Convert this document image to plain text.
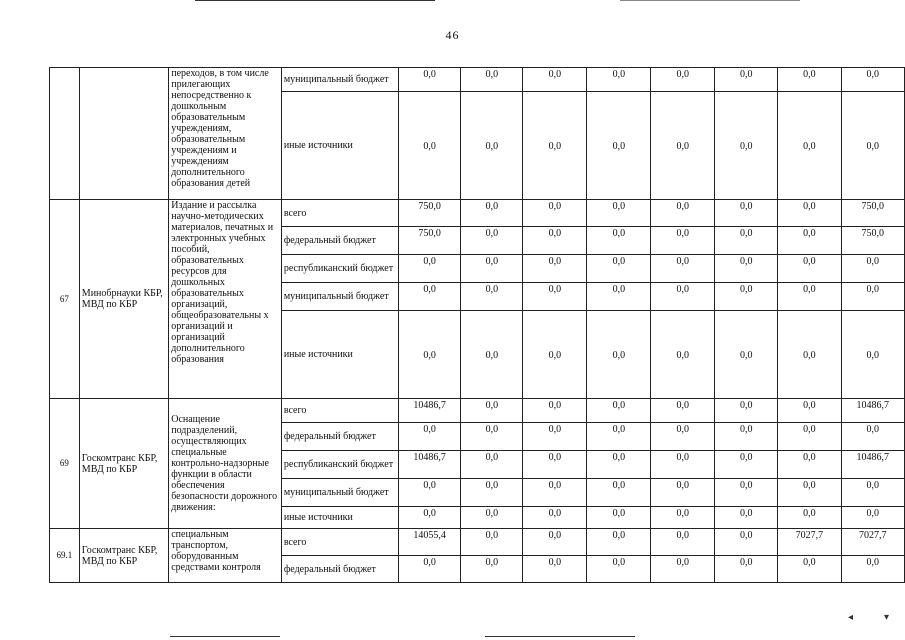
46
		переходов, в том числе прилегающих непосредственно к дошкольным образовательным учреждениям, образовательным учреждениям и учреждениям дополнительного образования детей	муниципальный бюджет	0,0	0,0	0,0	0,0	0,0	0,0	0,0	0,0
			иные источники	0,0	0,0	0,0	0,0	0,0	0,0	0,0	0,0
67	Минобрнауки КБР, МВД по КБР	Издание и рассылка научно-методических материалов, печатных и электронных учебных пособий, образовательных ресурсов для дошкольных образовательных организаций, общеобразовательны х организаций и организаций дополнительного образования	всего	750,0	0,0	0,0	0,0	0,0	0,0	0,0	750,0
			федеральный бюджет	750,0	0,0	0,0	0,0	0,0	0,0	0,0	750,0
			республиканский бюджет	0,0	0,0	0,0	0,0	0,0	0,0	0,0	0,0
			муниципальный бюджет	0,0	0,0	0,0	0,0	0,0	0,0	0,0	0,0
			иные источники	0,0	0,0	0,0	0,0	0,0	0,0	0,0	0,0
69	Госкомтранс КБР, МВД по КБР	Оснащение подразделений, осуществляющих специальные контрольно-надзорные функции в области обеспечения безопасности дорожного движения:	всего	10486,7	0,0	0,0	0,0	0,0	0,0	0,0	10486,7
			федеральный бюджет	0,0	0,0	0,0	0,0	0,0	0,0	0,0	0,0
			республиканский бюджет	10486,7	0,0	0,0	0,0	0,0	0,0	0,0	10486,7
			муниципальный бюджет	0,0	0,0	0,0	0,0	0,0	0,0	0,0	0,0
			иные источники	0,0	0,0	0,0	0,0	0,0	0,0	0,0	0,0
69.1	Госкомтранс КБР, МВД по КБР	специальным транспортом, оборудованным средствами контроля	всего	14055,4	0,0	0,0	0,0	0,0	0,0	7027,7	7027,7
			федеральный бюджет	0,0	0,0	0,0	0,0	0,0	0,0	0,0	0,0
◂	▾
